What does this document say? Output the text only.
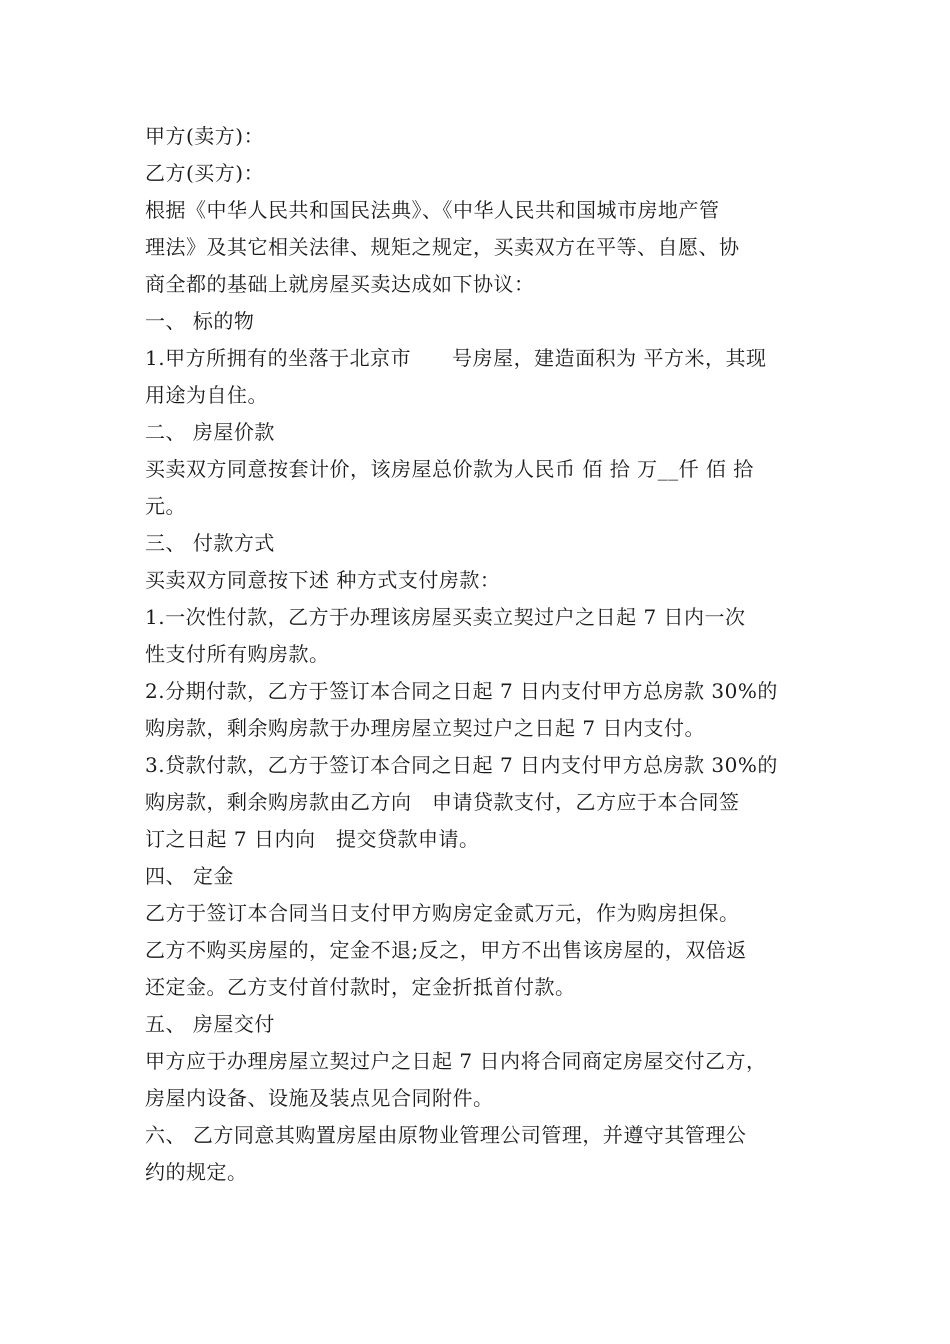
甲方(卖方)：
乙方(买方)：
根据《中华人民共和国民法典》、《中华人民共和国城市房地产管
理法》及其它相关法律、规矩之规定，买卖双方在平等、自愿、协
商全都的基础上就房屋买卖达成如下协议：
一、 标的物
1.甲方所拥有的坐落于北京市　　号房屋，建造面积为 平方米，其现
用途为自住。
二、 房屋价款
买卖双方同意按套计价，该房屋总价款为人民币 佰 拾 万__仟 佰 拾
元。
三、 付款方式
买卖双方同意按下述 种方式支付房款：
1.一次性付款，乙方于办理该房屋买卖立契过户之日起 7 日内一次
性支付所有购房款。
2.分期付款，乙方于签订本合同之日起 7 日内支付甲方总房款 30%的
购房款，剩余购房款于办理房屋立契过户之日起 7 日内支付。
3.贷款付款，乙方于签订本合同之日起 7 日内支付甲方总房款 30%的
购房款，剩余购房款由乙方向　申请贷款支付，乙方应于本合同签
订之日起 7 日内向　提交贷款申请。
四、 定金
乙方于签订本合同当日支付甲方购房定金贰万元，作为购房担保。
乙方不购买房屋的，定金不退;反之，甲方不出售该房屋的，双倍返
还定金。乙方支付首付款时，定金折抵首付款。
五、 房屋交付
甲方应于办理房屋立契过户之日起 7 日内将合同商定房屋交付乙方，
房屋内设备、设施及装点见合同附件。
六、 乙方同意其购置房屋由原物业管理公司管理，并遵守其管理公
约的规定。
